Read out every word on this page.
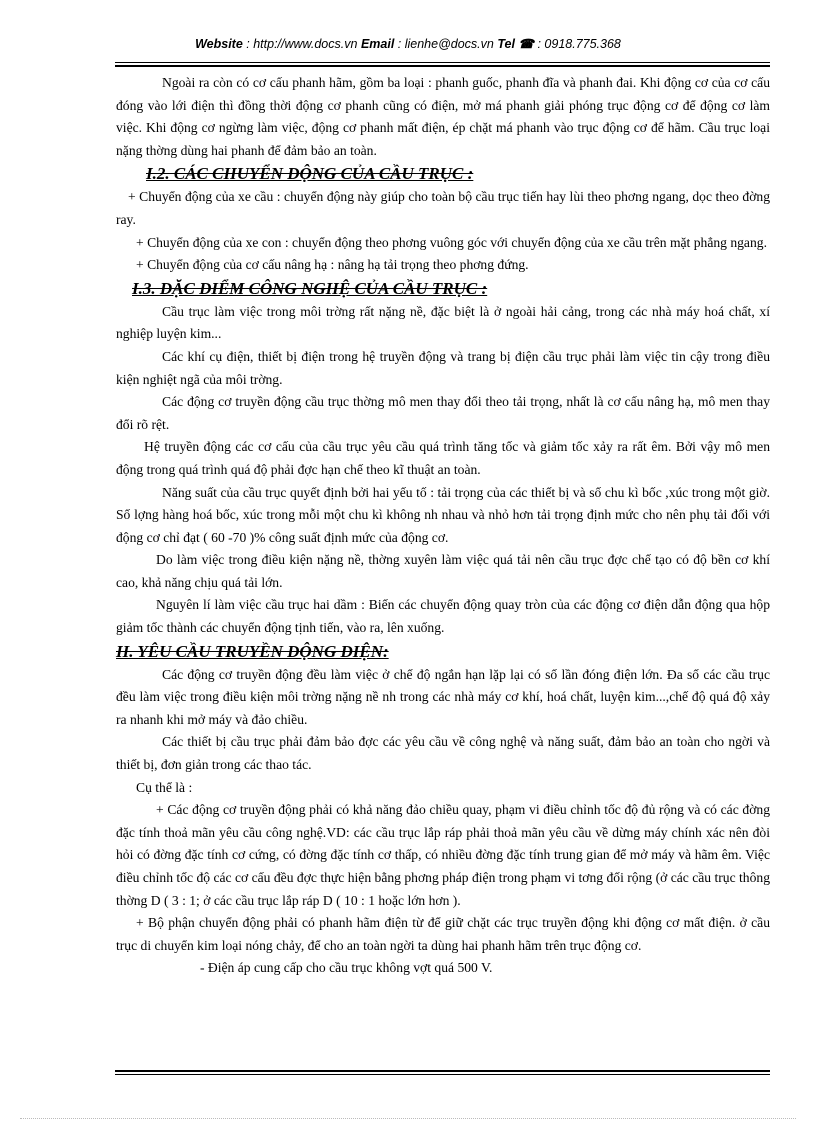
Website : http://www.docs.vn Email : lienhe@docs.vn Tel ☎ : 0918.775.368

Ngoài ra còn có cơ cấu phanh hãm, gồm ba loại : phanh guốc, phanh đĩa và phanh đai. Khi động cơ của cơ cấu đóng vào lới điện thì đồng thời động cơ phanh cũng có điện, mở má phanh giải phóng trục động cơ để động cơ làm việc. Khi động cơ ngừng làm việc, động cơ phanh mất điện, ép chặt má phanh vào trục động cơ để hãm. Cầu trục loại nặng thờng dùng hai phanh để đảm bảo an toàn.

I.2. CÁC CHUYỂN ĐỘNG CỦA CẦU TRỤC :

+ Chuyển động của xe cầu : chuyển động này giúp cho toàn bộ cầu trục tiến hay lùi theo phơng ngang, dọc theo đờng ray.

+ Chuyển động của xe con : chuyển động theo phơng vuông góc với chuyển động của xe cầu trên mặt phẳng ngang.

+ Chuyển động của cơ cấu nâng hạ : nâng hạ tải trọng theo phơng đứng.

I.3. ĐẶC ĐIỂM CÔNG NGHỆ CỦA CẦU TRỤC :

Cầu trục làm việc trong môi trờng rất nặng nề, đặc biệt là ở ngoài hải cảng, trong các nhà máy hoá chất, xí nghiệp luyện kim...

Các khí cụ điện, thiết bị điện trong hệ truyền động và trang bị điện cầu trục phải làm việc tin cậy trong điều kiện nghiệt ngã của môi trờng.

Các động cơ truyền động cầu trục thờng mô men thay đổi theo tải trọng, nhất là cơ cấu nâng hạ, mô men thay đổi rõ rệt.

Hệ truyền động các cơ cấu của cầu trục yêu cầu quá trình tăng tốc và giảm tốc xảy ra rất êm. Bởi vậy mô men động trong quá trình quá độ phải đợc hạn chế theo kĩ thuật an toàn.

Năng suất của cầu trục quyết định bởi hai yếu tố : tải trọng của các thiết bị và số chu kì bốc ,xúc trong một giờ. Số lợng hàng hoá bốc, xúc trong mỗi một chu kì không nh nhau và nhỏ hơn tải trọng định mức cho nên phụ tải đối với động cơ chỉ đạt ( 60 -70 )% công suất định mức của động cơ.

Do làm việc trong điều kiện nặng nề, thờng xuyên làm việc quá tải nên cầu trục đợc chế tạo có độ bền cơ khí cao, khả năng chịu quá tải lớn.

Nguyên lí làm việc cầu trục hai dầm : Biến các chuyển động quay tròn của các động cơ điện dẫn động qua hộp giảm tốc thành các chuyển động tịnh tiến, vào ra, lên xuống.

II. YÊU CẦU TRUYỀN ĐỘNG ĐIỆN:

Các động cơ truyền động đều làm việc ở chế độ ngắn hạn lặp lại có số lần đóng điện lớn. Đa số các cầu trục đều làm việc trong điều kiện môi trờng nặng nề nh trong các nhà máy cơ khí, hoá chất, luyện kim...,chế độ quá độ xảy ra nhanh khi mở máy và đảo chiều.

Các thiết bị cầu trục phải đảm bảo đợc các yêu cầu về công nghệ và năng suất, đảm bảo an toàn cho ngời và thiết bị, đơn giản trong các thao tác.

Cụ thể là :

+ Các động cơ truyền động phải có khả năng đảo chiều quay, phạm vi điều chỉnh tốc độ đủ rộng và có các đờng đặc tính thoả mãn yêu cầu công nghệ.VD: các cầu trục lắp ráp phải thoả mãn yêu cầu về dừng máy chính xác nên đòi hỏi có đờng đặc tính cơ cứng, có đờng đặc tính cơ thấp, có nhiều đờng đặc tính trung gian để mở máy và hãm êm. Việc điều chỉnh tốc độ các cơ cấu đều đợc thực hiện bằng phơng pháp điện trong phạm vi tơng đối rộng (ở các cầu trục thông thờng D ( 3 : 1; ở các cầu trục lắp ráp D ( 10 : 1 hoặc lớn hơn ).

+ Bộ phận chuyển động phải có phanh hãm điện từ để giữ chặt các trục truyền động khi động cơ mất điện. ở cầu trục di chuyển kim loại nóng chảy, để cho an toàn ngời ta dùng hai phanh hãm trên trục động cơ.

- Điện áp cung cấp cho cầu trục không vợt quá 500 V.
